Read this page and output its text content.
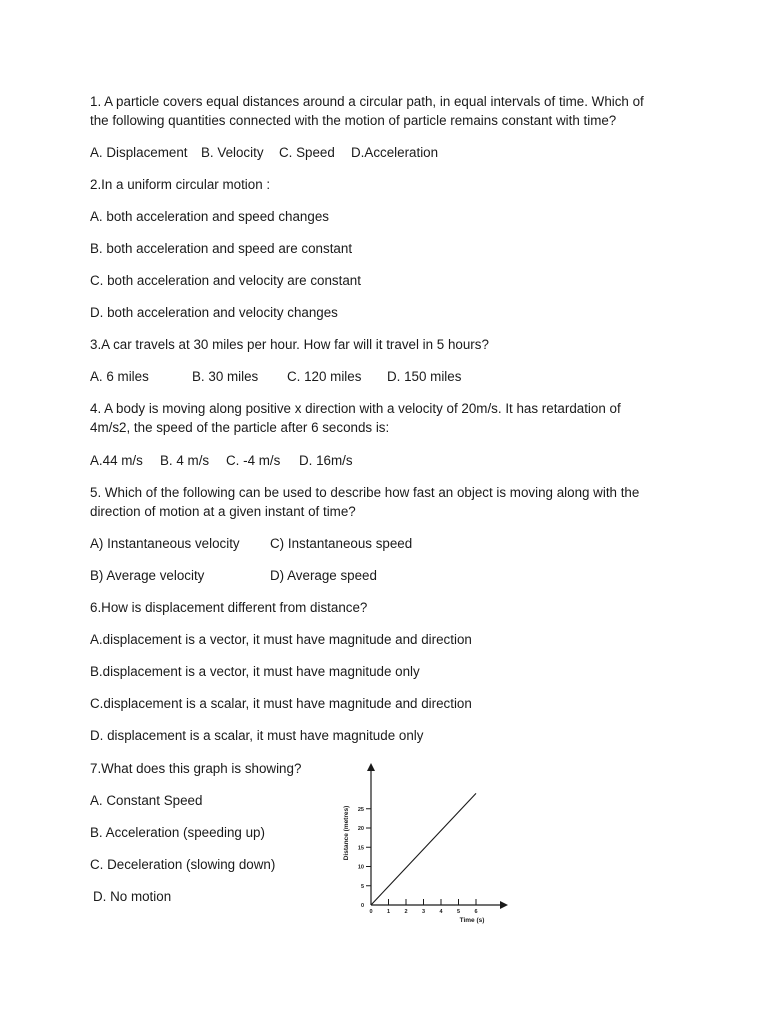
1. A particle covers equal distances around a circular path, in equal intervals of time. Which of
the following quantities connected with the motion of particle remains constant with time?
A. Displacement B. Velocity C. Speed D.Acceleration
2.In a uniform circular motion :
A. both acceleration and speed changes
B. both acceleration and speed are constant
C. both acceleration and velocity are constant
D. both acceleration and velocity changes
3.A car travels at 30 miles per hour. How far will it travel in 5 hours?
A. 6 miles	B. 30 miles C. 120 miles D. 150 miles
4. A body is moving along positive x direction with a velocity of 20m/s. It has retardation of
4m/s2, the speed of the particle after 6 seconds is:
A.44 m/s B. 4 m/s C. -4 m/s D. 16m/s
5. Which of the following can be used to describe how fast an object is moving along with the
direction of motion at a given instant of time?
A) Instantaneous velocity C) Instantaneous speed
B) Average velocity	D) Average speed
6.How is displacement different from distance?
A.displacement is a vector, it must have magnitude and direction
B.displacement is a vector, it must have magnitude only
C.displacement is a scalar, it must have magnitude and direction
D. displacement is a scalar, it must have magnitude only
7.What does this graph is showing?
A. Constant Speed
B. Acceleration (speeding up)
C. Deceleration (slowing down)
D. No motion
0
5
10
15
20
25
0	1	2	3	4	5	6
Distance (metres)
Time (s)
